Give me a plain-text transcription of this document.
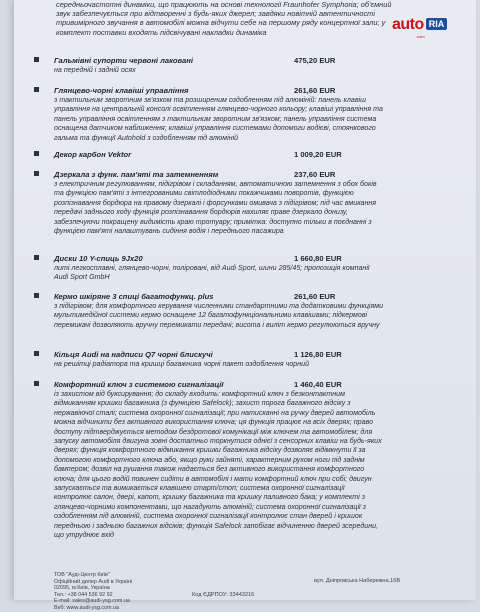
середньочастотні динаміки, що працюють на основі технології Fraunhofer Symphoria; об'ємний звук забезпечується при відтворенні з будь-яких джерел; завдяки новітній автентичності тривимірного звучання в автомобілі можна відчути себе на першому ряду концертної зали; у комплект поставки входять підсвічувані накладки динаміка
Гальмівні супорти червоні лаковані	475,20 EUR
на передній і задній осях
Глянцево-чорні клавіші управління	261,60 EUR
з тактильним зворотним зв'язком та розширеним оздобленням під алюміній: панель клавіш управління на центральній консолі освітленням глянцево-чорного кольору; клавіші управління та панель управління освітленням з тактильним зворотним зв'язком; панель управління система оснащена датчиком наближення; клавіші управління системами допомоги водієві, стоянкового гальма та функції Autohold з оздобленням під алюміній
Декор карбон Vektor	1 009,20 EUR
Дзеркала з функ. пам'яті та затемненням	237,60 EUR
з електричним регулюванням, підігрівом і складанням, автоматичною затемнення з обох боків та функцією пам'яті з інтегрованими світлодіодними покажчиками поворотів, функцією розпізнавання бордюра на правому дзеркалі і форсунками омивача з підігрівом; під час вмикання передачі заднього ходу функція розпізнавання бордюрів нахиляє праве дзеркало донизу, забезпечуючи покращену видимість краю тротуару; примітка: доступно тільки в поєднанні з функцією пам'яті налаштувань сидіння водія і переднього пасажира
Диски 10 Y-спиць 9Jx20	1 660,80 EUR
литі легкосплавні, глянцево-чорні, поліровані, від Audi Sport, шини 285/45; пропозиція компанії Audi Sport GmbH
Кермо шкіряне 3 спиці багатофункц. plus	261,60 EUR
з підігрівом; для комфортного керування численними стандартними та додатковими функціями мультимедійної системи кермо оснащене 12 багатофункціональними клавішами; підкермові перемикачі дозволяють вручну перемикати передачі; висота і виліт кермо регулюються вручну
Кільця Audi на надписи Q7 чорні блискучі	1 126,80 EUR
на решітці радіатора та кришці багажника чорні пакет оздоблення чорний
Комфортний ключ з системою сигналізації	1 460,40 EUR
із захистом від буксирування; до складу входить: комфортний ключ з безконтактним відмиканням кришки багажника (з функцією Safelock); захист порога багажного відсіку з нержавіючої сталі; система охоронної сигналізації; при натисканні на ручку дверей автомобіль можна відчинити без активного використання ключа; ця функція працює на всіх дверях; право доступу підтверджується методом бездротової комунікації між ключем та автомобілем; для запуску автомобіля двигуна зовні достатньо торкнутися однієї з сенсорних клавіш на будь-яких дверях; функція комфортного відмикання кришки багажника відсіку дозволяє відімкнути її за допомогою комфортного ключа або, якщо руки зайняті, характерним рухом ноги під заднім бампером; дозвіл на рушання також надається без активного використання комфортного ключа; для цього водій повинен сидіти в автомобілі і мати комфортний ключ при собі; двигун запускається та вимикається клавішею старт/стоп; система охоронної сигналізації контролює салон, двері, капот, кришку багажника та кришку паливного бака; у комплекті з глянцево-чорними компонентами, що нагадують алюміній; система охоронної сигналізації з оздобленням під алюміній, система охоронної сигналізації контролює стан дверей і кришок передньою і задньою багажних відсіків; функція Safelock запобігає відчиненню дверей зсередини, що утруднює вхід
ТОВ "Ауді-Центр Київ"
Офіційний дилер Audi в Україні
02095, м.Київ, Україна
Тел.: +38 044 536 92 92
E-mail: sales@audi-ysg.com.ua
Веб: www.audi-ysg.com.ua
вул. Дніпровська Набережна,16В
Код ЄДРПОУ: 33443216
auto RIA
.com
